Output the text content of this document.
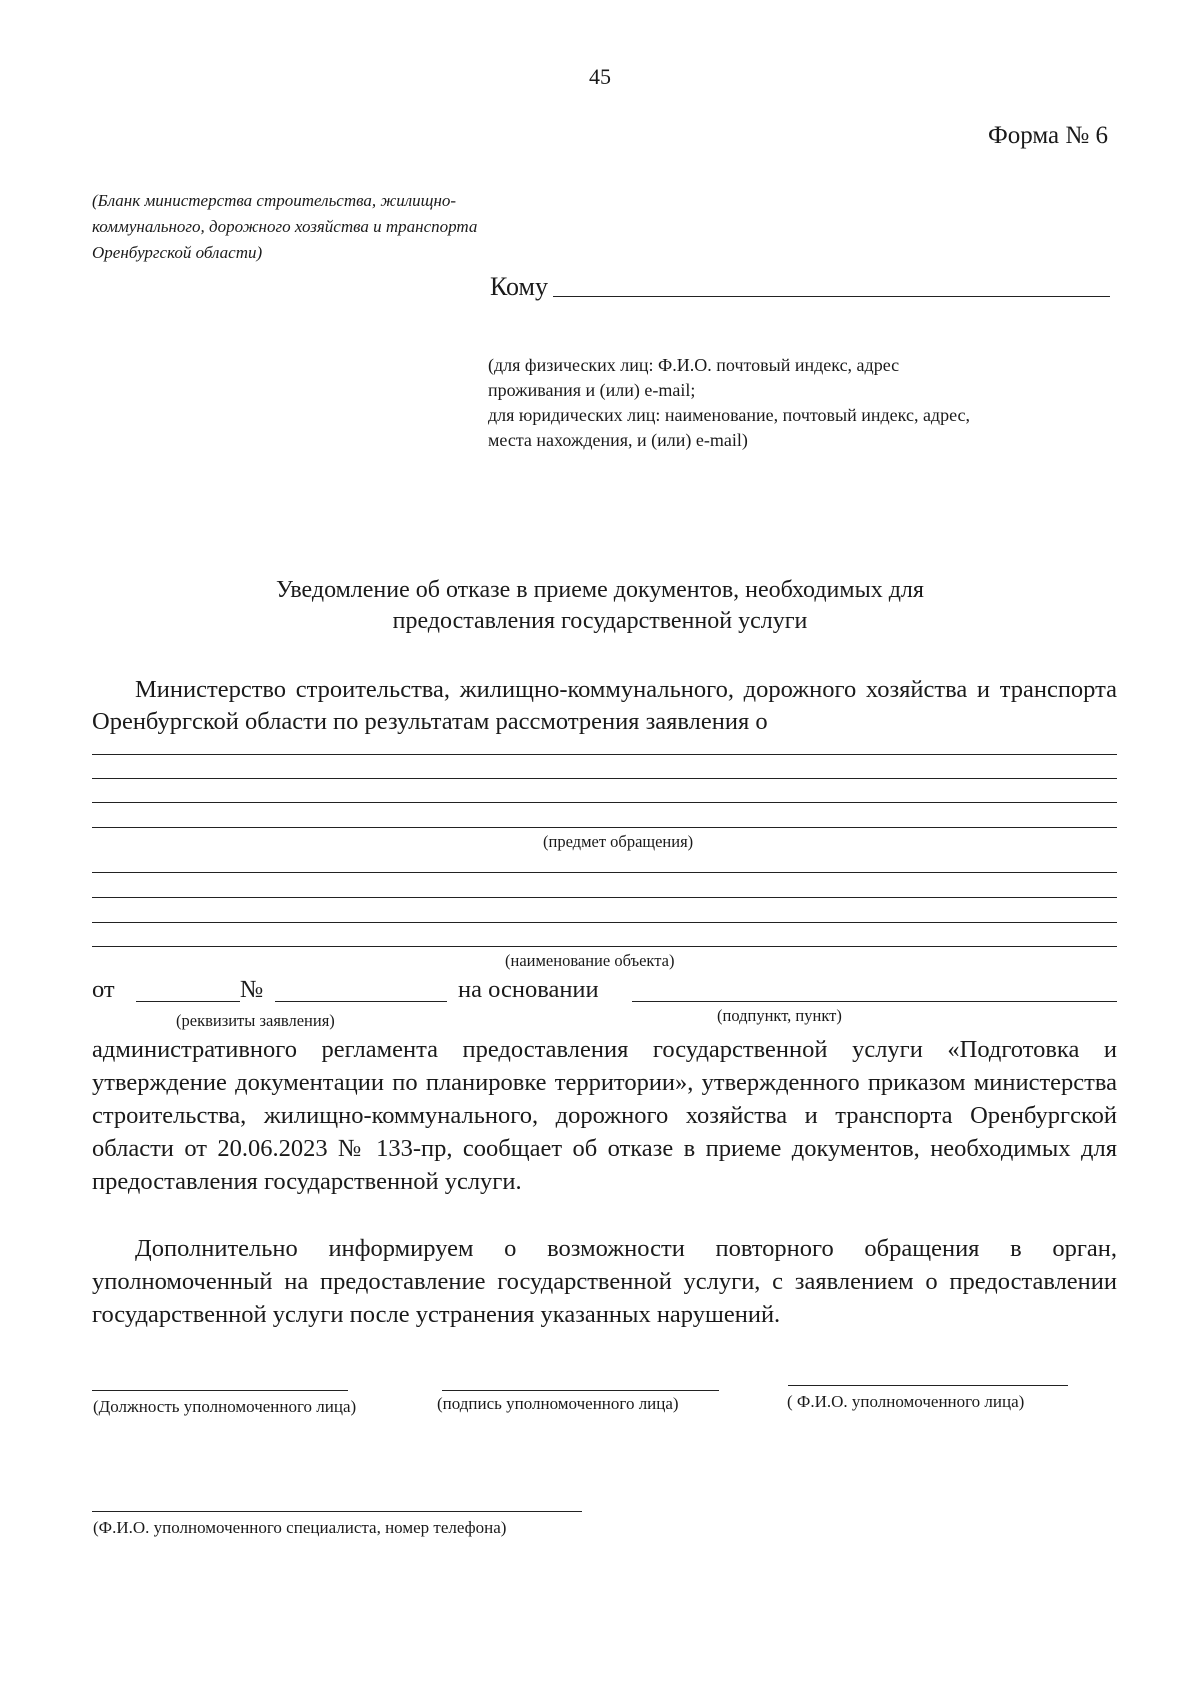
45
Форма № 6
(Бланк министерства строительства, жилищно-
коммунального, дорожного хозяйства и транспорта
Оренбургской области)
Кому
(для физических лиц: Ф.И.О. почтовый индекс, адрес
проживания и (или) e-mail;
для юридических лиц: наименование, почтовый индекс, адрес,
места нахождения, и (или) e-mail)
Уведомление об отказе в приеме документов, необходимых для
предоставления государственной услуги
Министерство строительства, жилищно-коммунального, дорожного хозяйства и транспорта Оренбургской области по результатам рассмотрения заявления о
(предмет обращения)
(наименование объекта)
от	№	на основании
(реквизиты заявления)	(подпункт, пункт)
административного регламента предоставления государственной услуги «Подготовка и утверждение документации по планировке территории», утвержденного приказом министерства строительства, жилищно-коммунального, дорожного хозяйства и транспорта Оренбургской области от 20.06.2023 № 133-пр, сообщает об отказе в приеме документов, необходимых для предоставления государственной услуги.
Дополнительно информируем о возможности повторного обращения в орган, уполномоченный на предоставление государственной услуги, с заявлением о предоставлении государственной услуги после устранения указанных нарушений.
(Должность уполномоченного лица)	(подпись уполномоченного лица)	( Ф.И.О. уполномоченного лица)
(Ф.И.О. уполномоченного специалиста, номер телефона)
